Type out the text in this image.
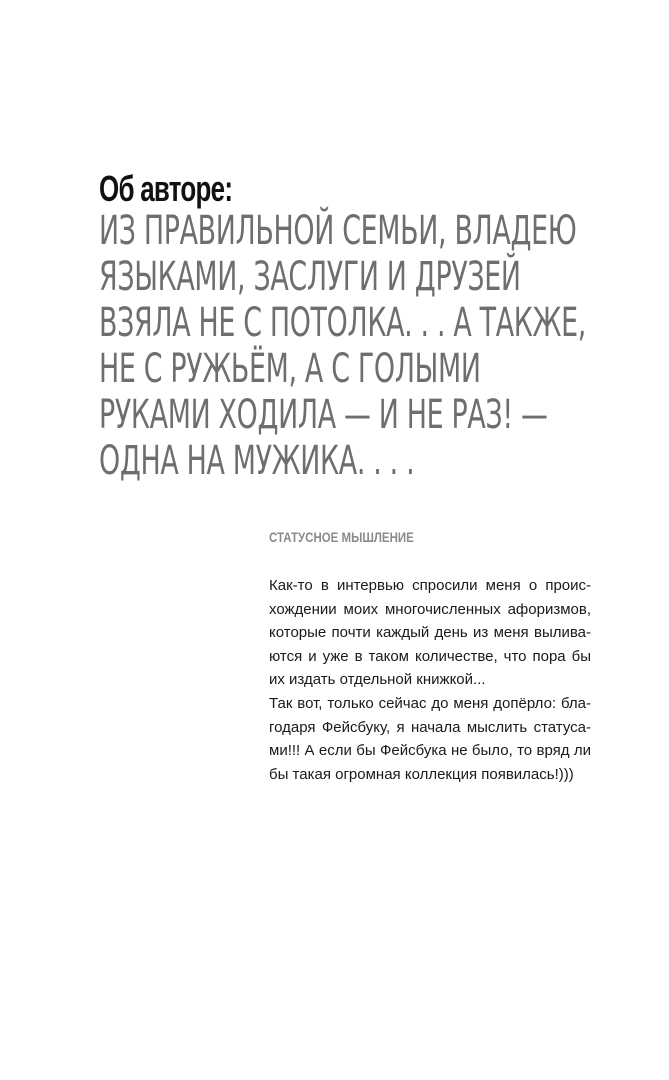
Об авторе:
ИЗ ПРАВИЛЬНОЙ СЕМЬИ, ВЛАДЕЮ
ЯЗЫКАМИ, ЗАСЛУГИ И ДРУЗЕЙ
ВЗЯЛА НЕ С ПОТОЛКА. . . А ТАКЖЕ,
НЕ С РУЖЬЁМ, А С ГОЛЫМИ
РУКАМИ ХОДИЛА — И НЕ РАЗ! —
ОДНА НА МУЖИКА. . . .
СТАТУСНОЕ МЫШЛЕНИЕ
Как-то в интервью спросили меня о проис-
хождении моих многочисленных афоризмов,
которые почти каждый день из меня вылива-
ются и уже в таком количестве, что пора бы
их издать отдельной книжкой...
Так вот, только сейчас до меня допёрло: бла-
годаря Фейсбуку, я начала мыслить статуса-
ми!!! А если бы Фейсбука не было, то вряд ли
бы такая огромная коллекция появилась!)))
